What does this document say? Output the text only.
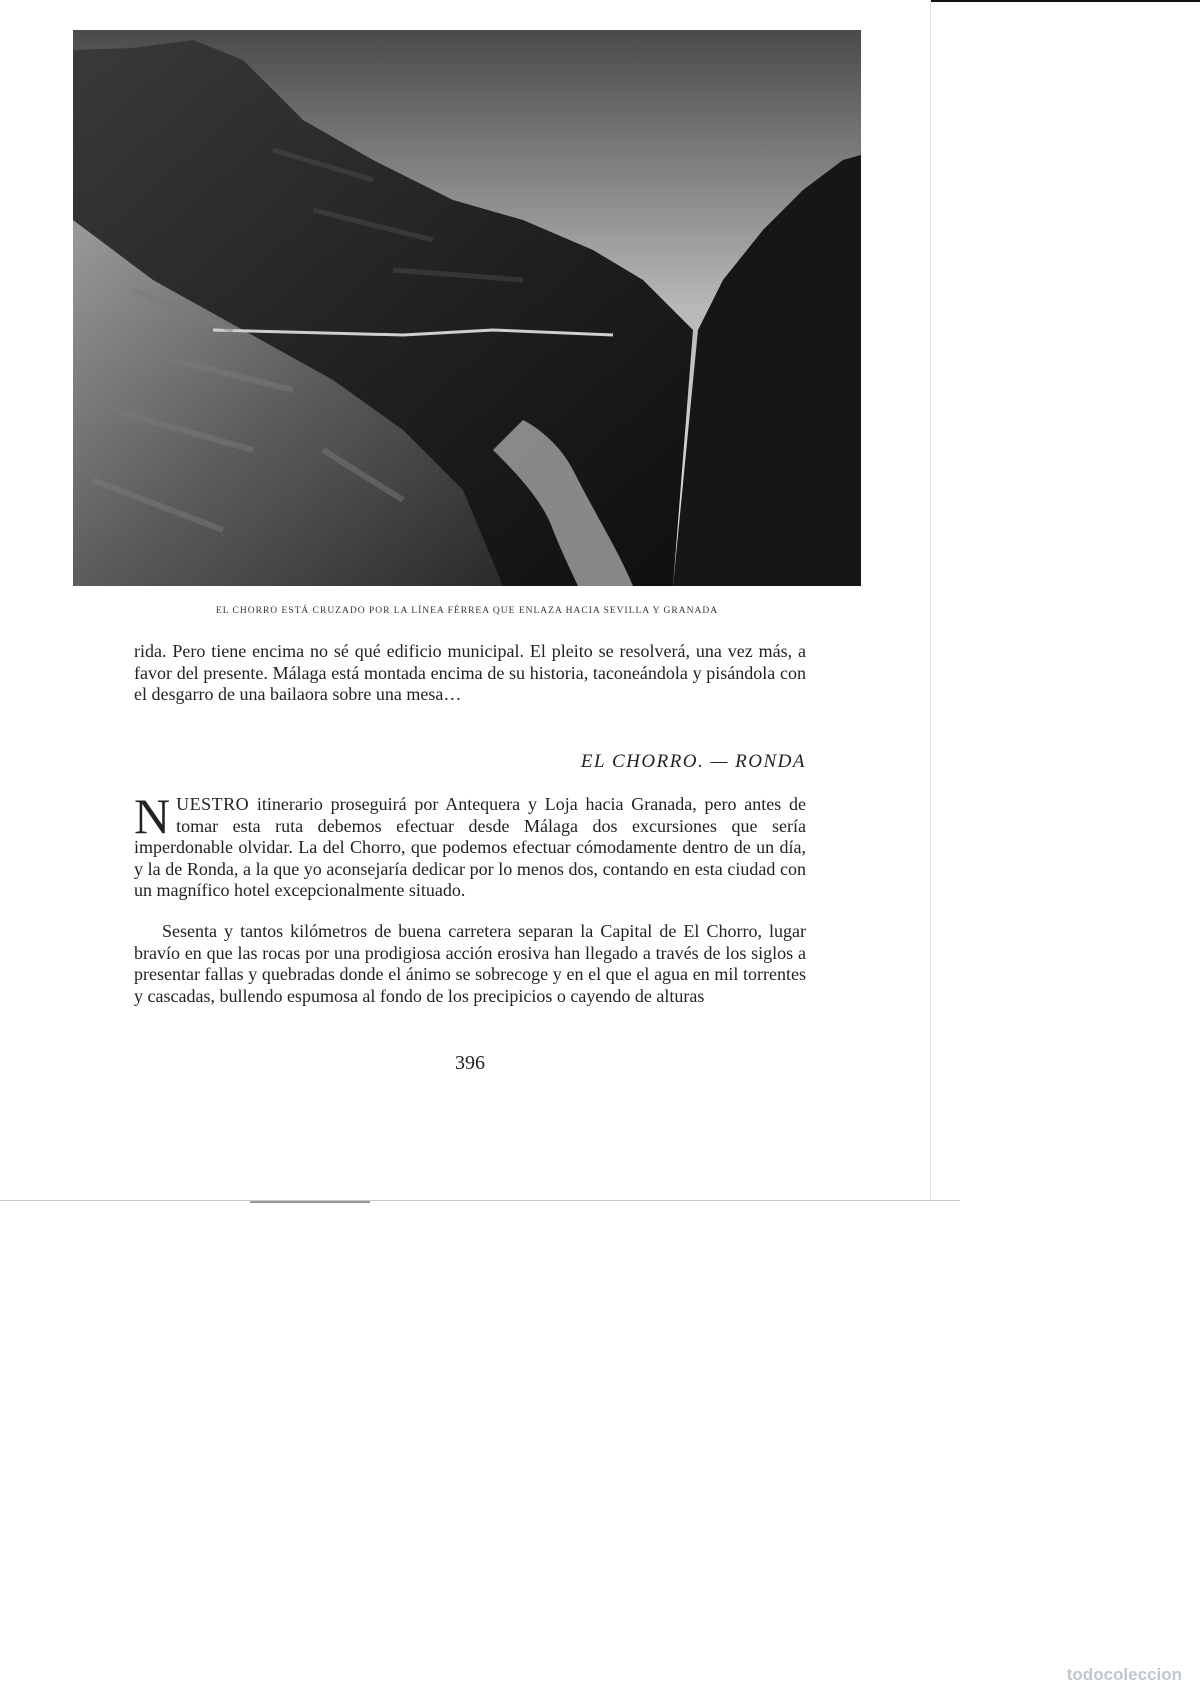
EL CHORRO ESTÁ CRUZADO POR LA LÍNEA FÉRREA QUE ENLAZA HACIA SEVILLA Y GRANADA
rida. Pero tiene encima no sé qué edificio municipal. El pleito se resolverá, una vez más, a favor del presente. Málaga está montada encima de su historia, taconeándola y pisándola con el desgarro de una bailaora sobre una mesa…
EL CHORRO. — RONDA
NUESTRO itinerario proseguirá por Antequera y Loja hacia Granada, pero antes de tomar esta ruta debemos efectuar desde Málaga dos excursiones que sería imperdonable olvidar. La del Chorro, que podemos efectuar cómodamente dentro de un día, y la de Ronda, a la que yo aconsejaría dedicar por lo menos dos, contando en esta ciudad con un magnífico hotel excepcionalmente situado.
Sesenta y tantos kilómetros de buena carretera separan la Capital de El Chorro, lugar bravío en que las rocas por una prodigiosa acción erosiva han llegado a través de los siglos a presentar fallas y quebradas donde el ánimo se sobrecoge y en el que el agua en mil torrentes y cascadas, bullendo espumosa al fondo de los precipicios o cayendo de alturas
396
todocoleccion
